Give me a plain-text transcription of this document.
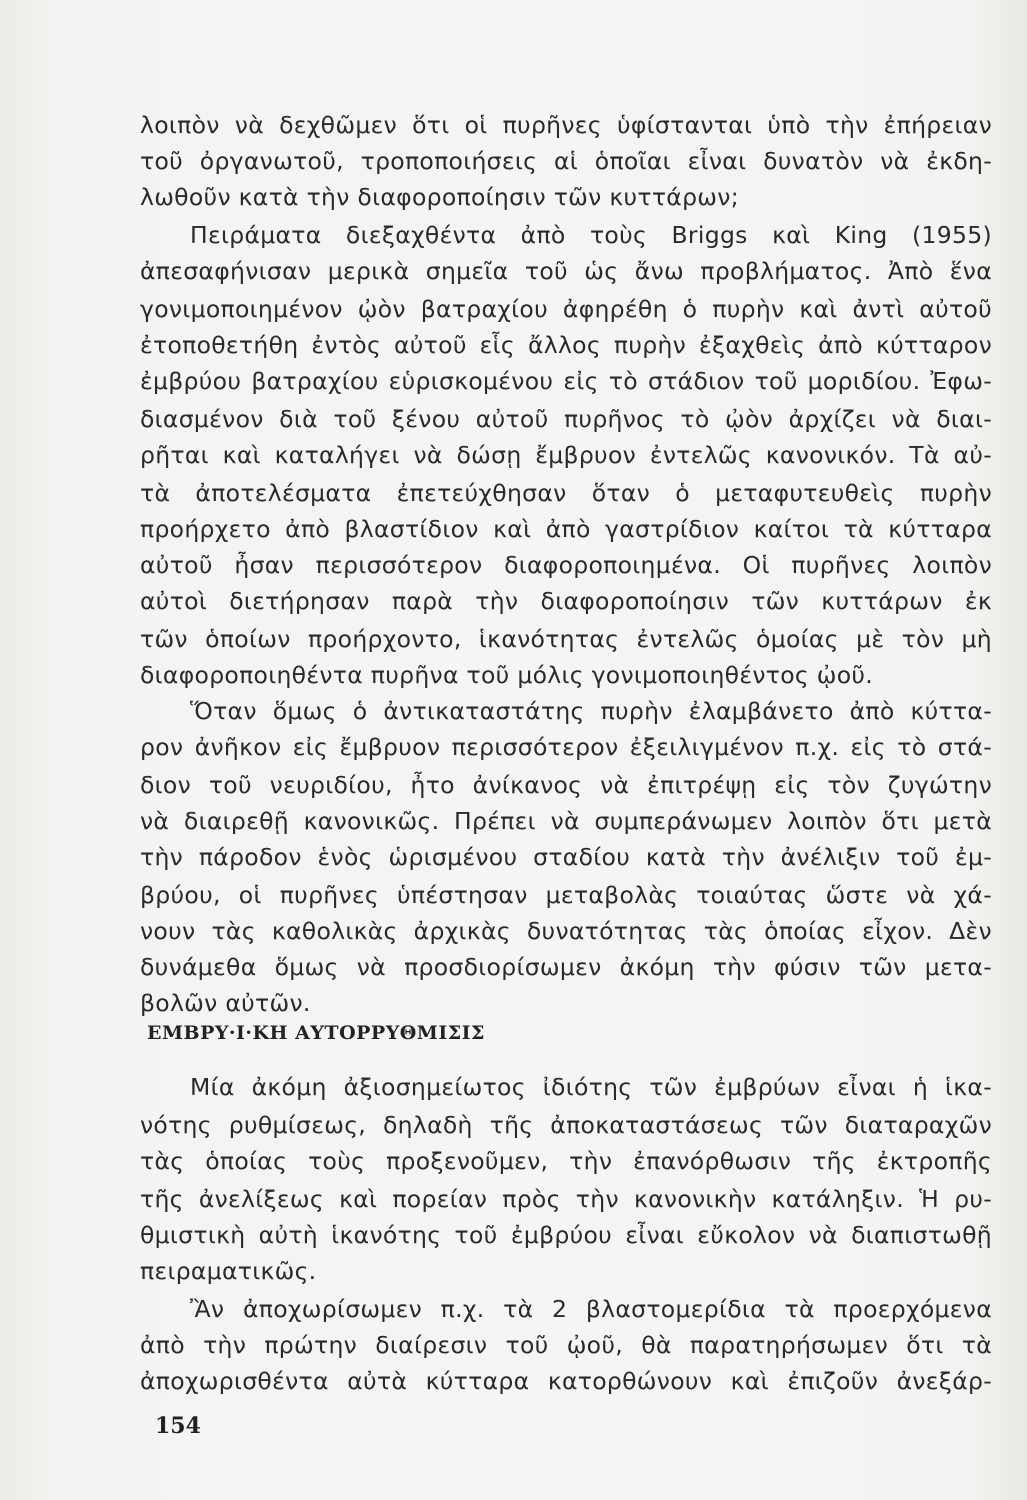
λοιπὸν νὰ δεχθῶμεν ὅτι οἱ πυρῆνες ὑφίστανται ὑπὸ τὴν ἐπήρειαν
τοῦ ὀργανωτοῦ, τροποποιήσεις αἱ ὁποῖαι εἶναι δυνατὸν νὰ ἐκδη-
λωθοῦν κατὰ τὴν διαφοροποίησιν τῶν κυττάρων;
Πειράματα διεξαχθέντα ἀπὸ τοὺς Briggs καὶ King (1955)
ἀπεσαφήνισαν μερικὰ σημεῖα τοῦ ὡς ἄνω προβλήματος. Ἀπὸ ἕνα
γονιμοποιημένον ᾠὸν βατραχίου ἀφηρέθη ὁ πυρὴν καὶ ἀντὶ αὐτοῦ
ἐτοποθετήθη ἐντὸς αὐτοῦ εἷς ἄλλος πυρὴν ἐξαχθεὶς ἀπὸ κύτταρον
ἐμβρύου βατραχίου εὑρισκομένου εἰς τὸ στάδιον τοῦ μοριδίου. Ἐφω-
διασμένον διὰ τοῦ ξένου αὐτοῦ πυρῆνος τὸ ᾠὸν ἀρχίζει νὰ διαι-
ρῆται καὶ καταλήγει νὰ δώσῃ ἔμβρυον ἐντελῶς κανονικόν. Τὰ αὐ-
τὰ ἀποτελέσματα ἐπετεύχθησαν ὅταν ὁ μεταφυτευθεὶς πυρὴν
προήρχετο ἀπὸ βλαστίδιον καὶ ἀπὸ γαστρίδιον καίτοι τὰ κύτταρα
αὐτοῦ ἦσαν περισσότερον διαφοροποιημένα. Οἱ πυρῆνες λοιπὸν
αὐτοὶ διετήρησαν παρὰ τὴν διαφοροποίησιν τῶν κυττάρων ἐκ
τῶν ὁποίων προήρχοντο, ἱκανότητας ἐντελῶς ὁμοίας μὲ τὸν μὴ
διαφοροποιηθέντα πυρῆνα τοῦ μόλις γονιμοποιηθέντος ᾠοῦ.
Ὅταν ὅμως ὁ ἀντικαταστάτης πυρὴν ἐλαμβάνετο ἀπὸ κύττα-
ρον ἀνῆκον εἰς ἔμβρυον περισσότερον ἐξειλιγμένον π.χ. εἰς τὸ στά-
διον τοῦ νευριδίου, ἦτο ἀνίκανος νὰ ἐπιτρέψῃ εἰς τὸν ζυγώτην
νὰ διαιρεθῇ κανονικῶς. Πρέπει νὰ συμπεράνωμεν λοιπὸν ὅτι μετὰ
τὴν πάροδον ἑνὸς ὡρισμένου σταδίου κατὰ τὴν ἀνέλιξιν τοῦ ἐμ-
βρύου, οἱ πυρῆνες ὑπέστησαν μεταβολὰς τοιαύτας ὥστε νὰ χά-
νουν τὰς καθολικὰς ἀρχικὰς δυνατότητας τὰς ὁποίας εἶχον. Δὲν
δυνάμεθα ὅμως νὰ προσδιορίσωμεν ἀκόμη τὴν φύσιν τῶν μετα-
βολῶν αὐτῶν.
ΕΜΒΡΥ·Ι·ΚΗ ΑΥΤΟΡΡΥΘΜΙΣΙΣ
Μία ἀκόμη ἀξιοσημείωτος ἰδιότης τῶν ἐμβρύων εἶναι ἡ ἱκα-
νότης ρυθμίσεως, δηλαδὴ τῆς ἀποκαταστάσεως τῶν διαταραχῶν
τὰς ὁποίας τοὺς προξενοῦμεν, τὴν ἐπανόρθωσιν τῆς ἐκτροπῆς
τῆς ἀνελίξεως καὶ πορείαν πρὸς τὴν κανονικὴν κατάληξιν. Ἡ ρυ-
θμιστικὴ αὐτὴ ἱκανότης τοῦ ἐμβρύου εἶναι εὔκολον νὰ διαπιστωθῇ
πειραματικῶς.
Ἂν ἀποχωρίσωμεν π.χ. τὰ 2 βλαστομερίδια τὰ προερχόμενα
ἀπὸ τὴν πρώτην διαίρεσιν τοῦ ᾠοῦ, θὰ παρατηρήσωμεν ὅτι τὰ
ἀποχωρισθέντα αὐτὰ κύτταρα κατορθώνουν καὶ ἐπιζοῦν ἀνεξάρ-
154
